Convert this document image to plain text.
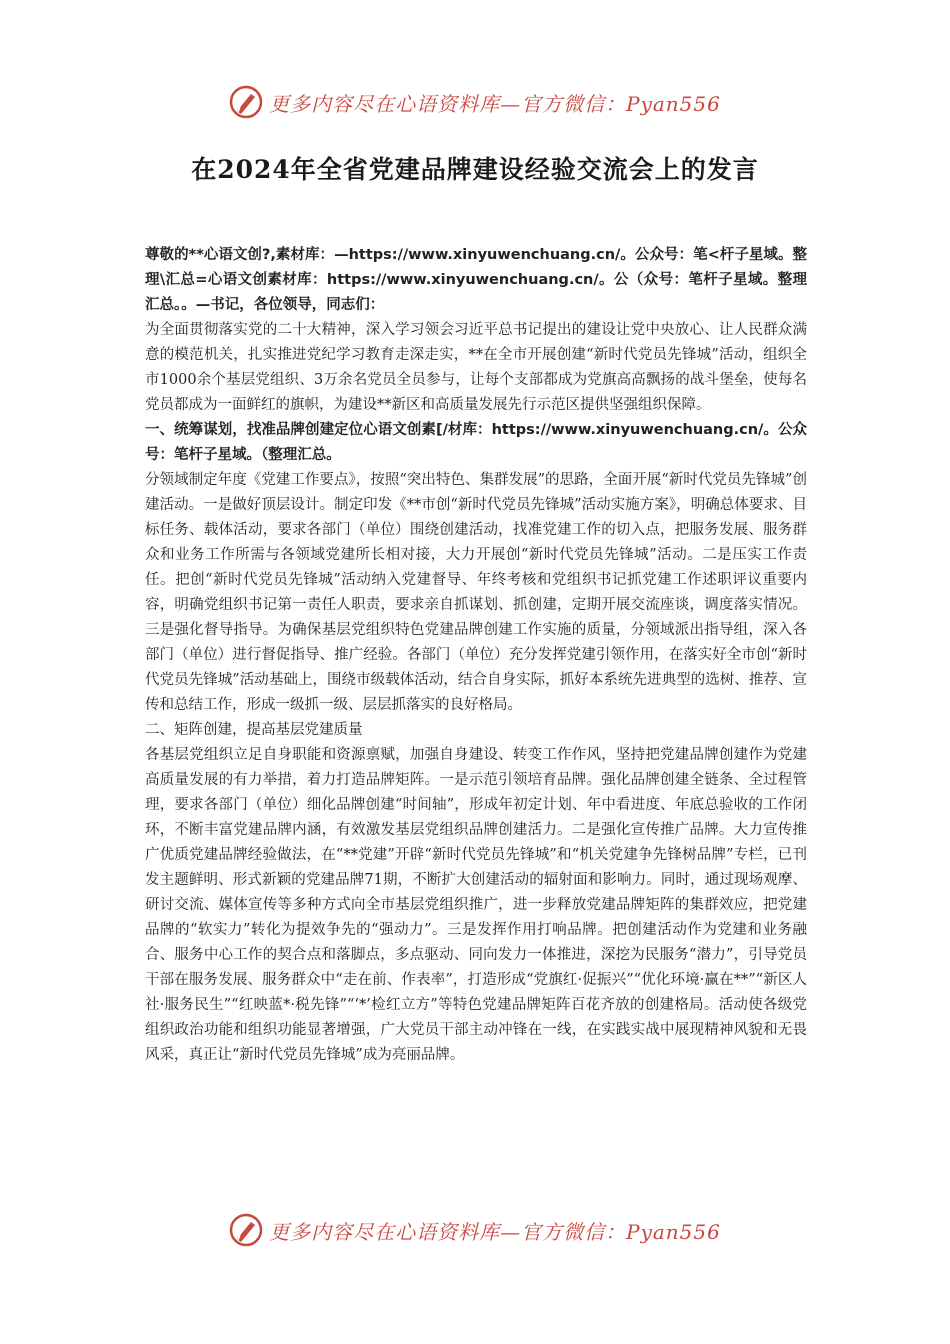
更多内容尽在心语资料库—官方微信：Pyan556
在2024年全省党建品牌建设经验交流会上的发言

尊敬的**心语文创?,素材库：—https://www.xinyuwenchuang.cn/。公众号：笔<杆子星域。整理\汇总=心语文创素材库：https://www.xinyuwenchuang.cn/。公（众号：笔杆子星域。整理汇总。。—书记，各位领导，同志们：

为全面贯彻落实党的二十大精神，深入学习领会习近平总书记提出的建设让党中央放心、让人民群众满意的模范机关，扎实推进党纪学习教育走深走实，**在全市开展创建“新时代党员先锋城”活动，组织全市1000余个基层党组织、3万余名党员全员参与，让每个支部都成为党旗高高飘扬的战斗堡垒，使每名党员都成为一面鲜红的旗帜，为建设**新区和高质量发展先行示范区提供坚强组织保障。

一、统筹谋划，找准品牌创建定位心语文创素[/材库：https://www.xinyuwenchuang.cn/。公众号：笔杆子星域。（整理汇总。

分领域制定年度《党建工作要点》，按照“突出特色、集群发展”的思路，全面开展“新时代党员先锋城”创建活动。一是做好顶层设计。制定印发《**市创“新时代党员先锋城”活动实施方案》，明确总体要求、目标任务、载体活动，要求各部门（单位）围绕创建活动，找准党建工作的切入点，把服务发展、服务群众和业务工作所需与各领域党建所长相对接，大力开展创“新时代党员先锋城”活动。二是压实工作责任。把创“新时代党员先锋城”活动纳入党建督导、年终考核和党组织书记抓党建工作述职评议重要内容，明确党组织书记第一责任人职责，要求亲自抓谋划、抓创建，定期开展交流座谈，调度落实情况。三是强化督导指导。为确保基层党组织特色党建品牌创建工作实施的质量，分领域派出指导组，深入各部门（单位）进行督促指导、推广经验。各部门（单位）充分发挥党建引领作用，在落实好全市创“新时代党员先锋城”活动基础上，围绕市级载体活动，结合自身实际，抓好本系统先进典型的选树、推荐、宣传和总结工作，形成一级抓一级、层层抓落实的良好格局。

二、矩阵创建，提高基层党建质量

各基层党组织立足自身职能和资源禀赋，加强自身建设、转变工作作风，坚持把党建品牌创建作为党建高质量发展的有力举措，着力打造品牌矩阵。一是示范引领培育品牌。强化品牌创建全链条、全过程管理，要求各部门（单位）细化品牌创建“时间轴”，形成年初定计划、年中看进度、年底总验收的工作闭环，不断丰富党建品牌内涵，有效激发基层党组织品牌创建活力。二是强化宣传推广品牌。大力宣传推广优质党建品牌经验做法，在“**党建”开辟“新时代党员先锋城”和“机关党建争先锋树品牌”专栏，已刊发主题鲜明、形式新颖的党建品牌71期，不断扩大创建活动的辐射面和影响力。同时，通过现场观摩、研讨交流、媒体宣传等多种方式向全市基层党组织推广，进一步释放党建品牌矩阵的集群效应，把党建品牌的“软实力”转化为提效争先的“强动力”。三是发挥作用打响品牌。把创建活动作为党建和业务融合、服务中心工作的契合点和落脚点，多点驱动、同向发力一体推进，深挖为民服务“潜力”，引导党员干部在服务发展、服务群众中“走在前、作表率”，打造形成“党旗红·促振兴”“优化环境·赢在**”“新区人社·服务民生”“红映蓝*·税先锋”“‘*’检红立方”等特色党建品牌矩阵百花齐放的创建格局。活动使各级党组织政治功能和组织功能显著增强，广大党员干部主动冲锋在一线，在实践实战中展现精神风貌和无畏风采，真正让“新时代党员先锋城”成为亮丽品牌。

更多内容尽在心语资料库—官方微信：Pyan556
